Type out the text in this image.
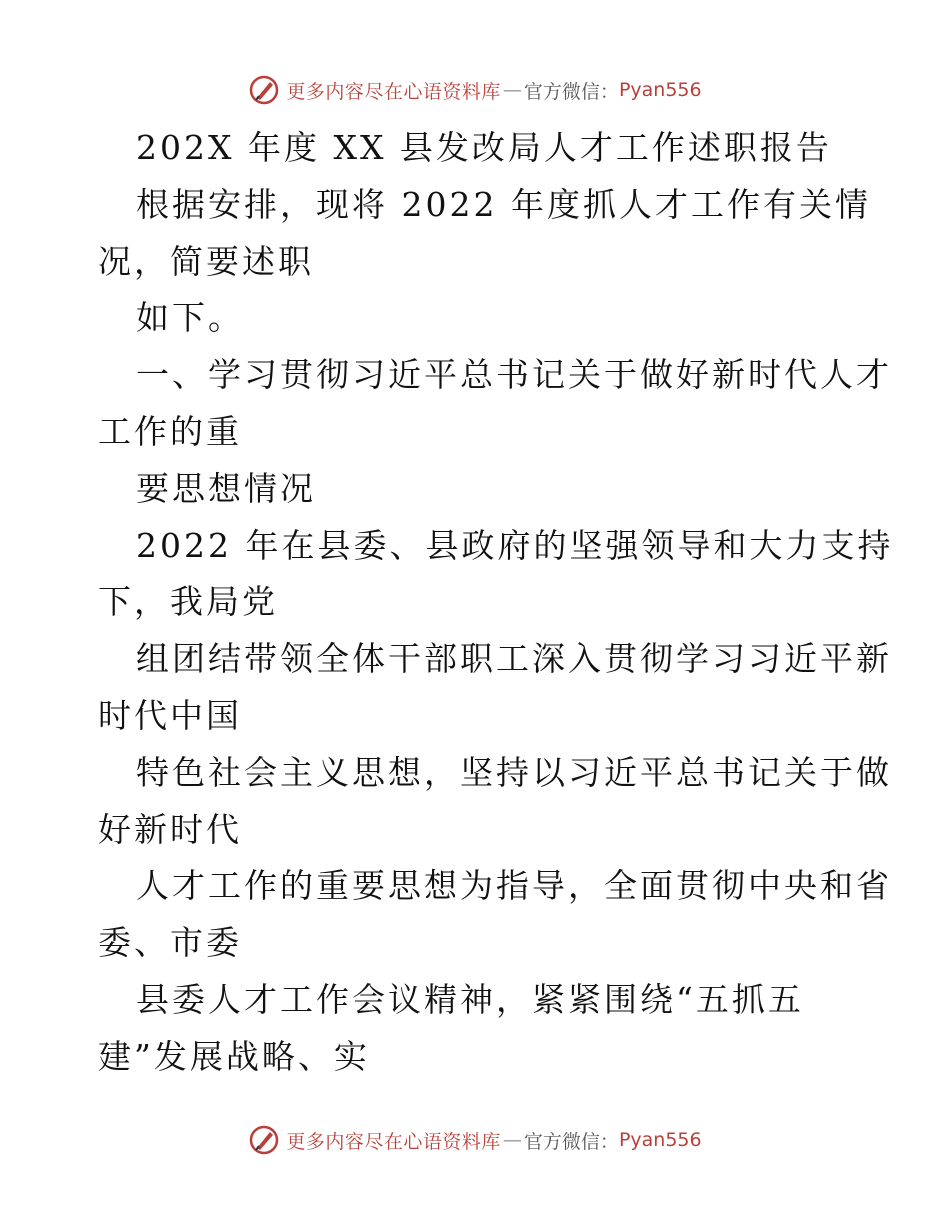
更多内容尽在心语资料库 — 官方微信： Pyan556
202X 年度 XX 县发改局人才工作述职报告
根据安排，现将 2022 年度抓人才工作有关情
况，简要述职
如下。
一、学习贯彻习近平总书记关于做好新时代人才
工作的重
要思想情况
2022 年在县委、县政府的坚强领导和大力支持
下，我局党
组团结带领全体干部职工深入贯彻学习习近平新
时代中国
特色社会主义思想，坚持以习近平总书记关于做
好新时代
人才工作的重要思想为指导，全面贯彻中央和省
委、市委
县委人才工作会议精神，紧紧围绕“五抓五
建”发展战略、实
更多内容尽在心语资料库 — 官方微信： Pyan556
